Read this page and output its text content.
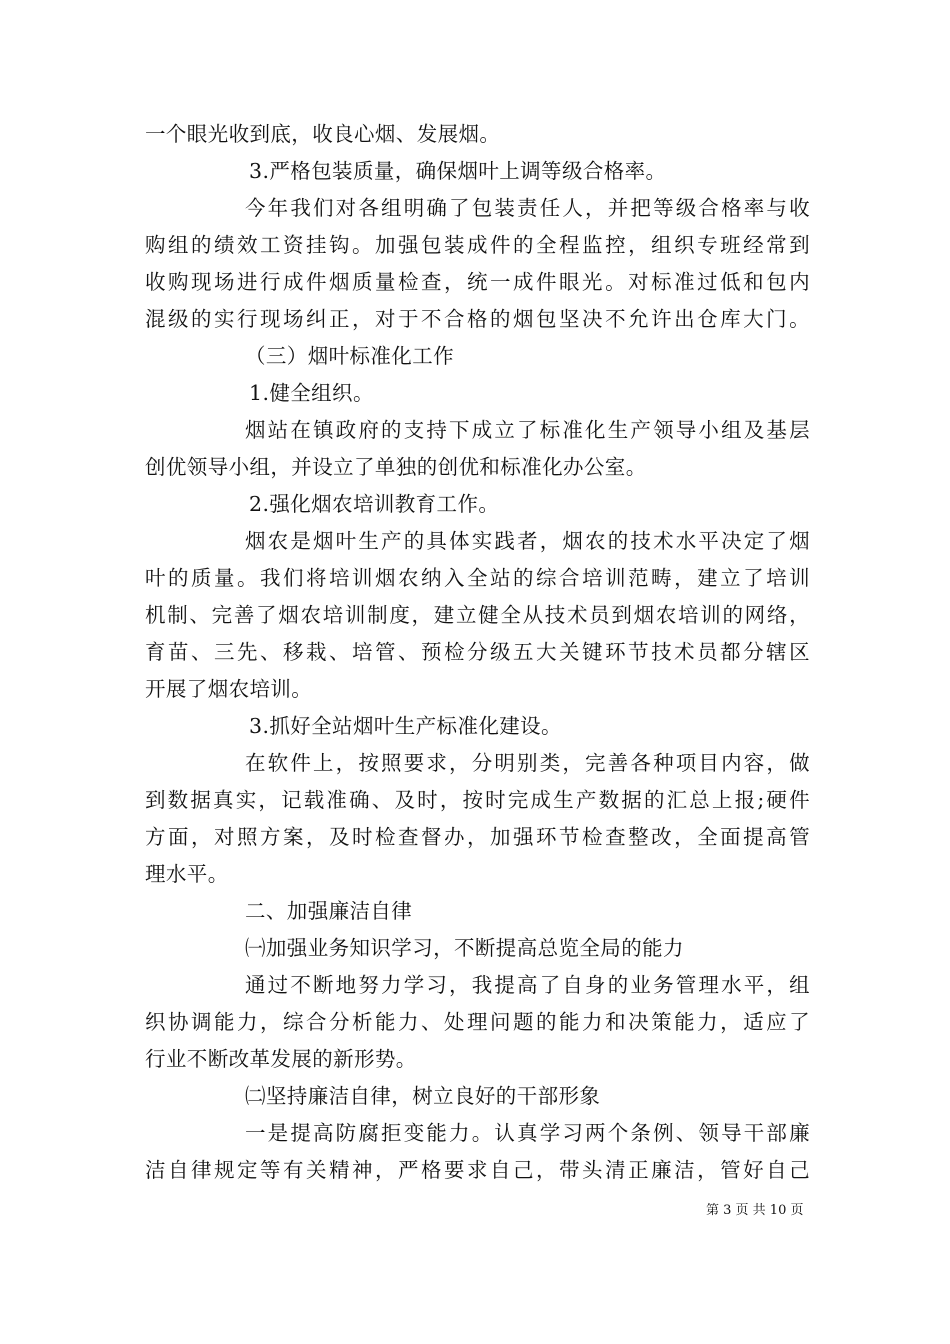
一个眼光收到底，收良心烟、发展烟。
3.严格包装质量，确保烟叶上调等级合格率。
今年我们对各组明确了包装责任人，并把等级合格率与收
购组的绩效工资挂钩。加强包装成件的全程监控，组织专班经常到
收购现场进行成件烟质量检查，统一成件眼光。对标准过低和包内
混级的实行现场纠正，对于不合格的烟包坚决不允许出仓库大门。
（三）烟叶标准化工作
1.健全组织。
烟站在镇政府的支持下成立了标准化生产领导小组及基层
创优领导小组，并设立了单独的创优和标准化办公室。
2.强化烟农培训教育工作。
烟农是烟叶生产的具体实践者，烟农的技术水平决定了烟
叶的质量。我们将培训烟农纳入全站的综合培训范畴，建立了培训
机制、完善了烟农培训制度，建立健全从技术员到烟农培训的网络，
育苗、三先、移栽、培管、预检分级五大关键环节技术员都分辖区
开展了烟农培训。
3.抓好全站烟叶生产标准化建设。
在软件上，按照要求，分明别类，完善各种项目内容，做
到数据真实，记载准确、及时，按时完成生产数据的汇总上报;硬件
方面，对照方案，及时检查督办，加强环节检查整改，全面提高管
理水平。
二、加强廉洁自律
㈠加强业务知识学习，不断提高总览全局的能力
通过不断地努力学习，我提高了自身的业务管理水平，组
织协调能力，综合分析能力、处理问题的能力和决策能力，适应了
行业不断改革发展的新形势。
㈡坚持廉洁自律，树立良好的干部形象
一是提高防腐拒变能力。认真学习两个条例、领导干部廉
洁自律规定等有关精神，严格要求自己，带头清正廉洁，管好自己
第 3 页 共 10 页
